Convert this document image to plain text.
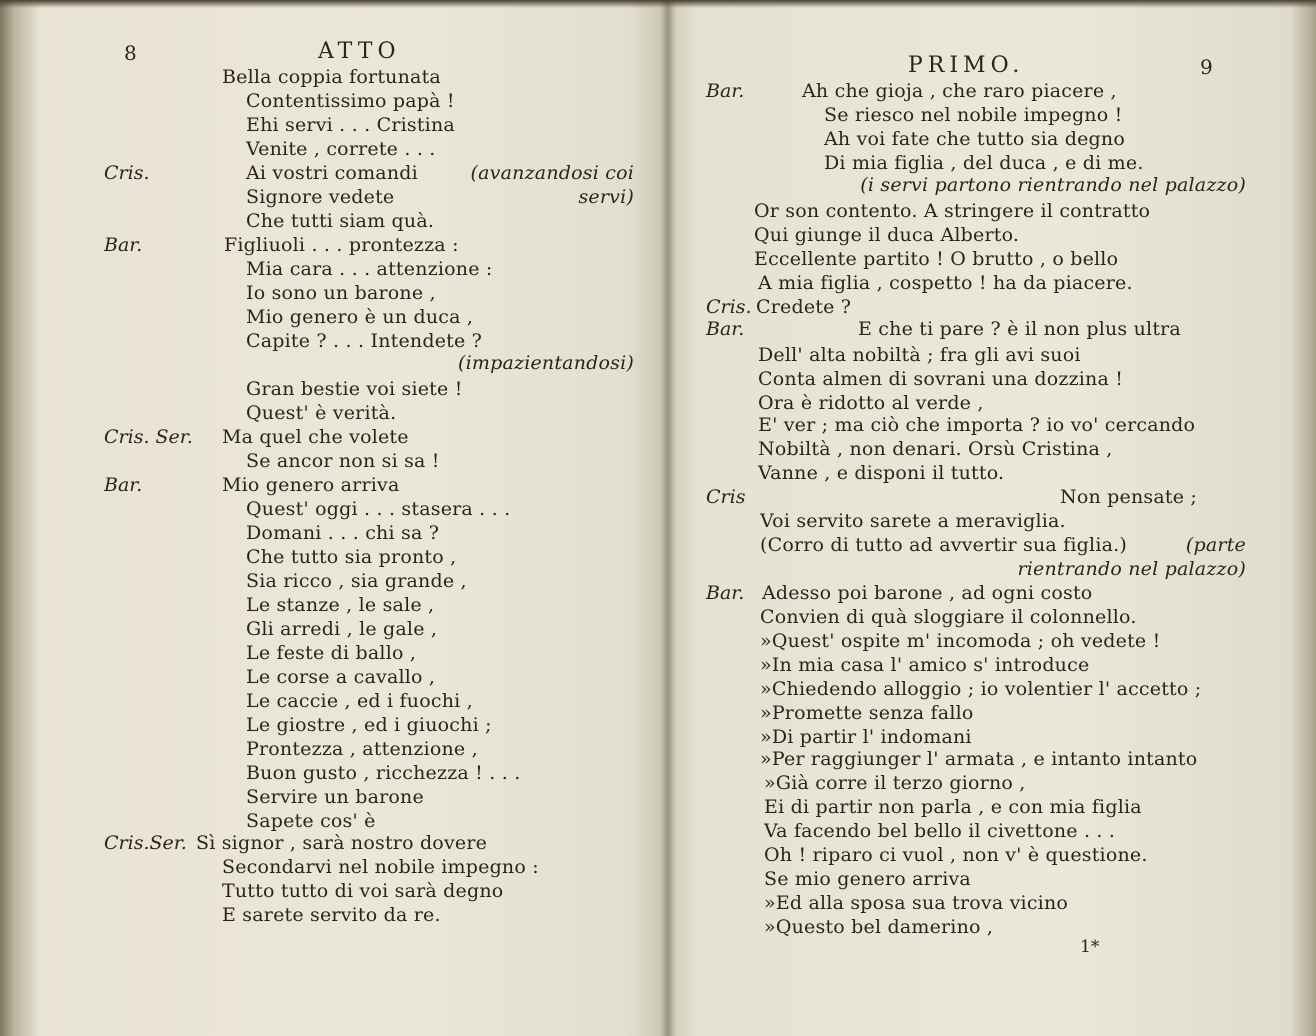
8	ATTO
Bella coppia fortunata
Contentissimo papà !
Ehi servi . . . Cristina
Venite , correte . . .
Cris.	Ai vostri comandi	(avanzandosi coi
Signore vedete	servi)
Che tutti siam quà.
Bar.	Figliuoli . . . prontezza :
Mia cara . . . attenzione :
Io sono un barone ,
Mio genero è un duca ,
Capite ? . . . Intendete ?
(impazientandosi)
Gran bestie voi siete !
Quest' è verità.
Cris. Ser. Ma quel che volete
Se ancor non si sa !
Bar.	Mio genero arriva
Quest' oggi . . . stasera . . .
Domani . . . chi sa ?
Che tutto sia pronto ,
Sia ricco , sia grande ,
Le stanze , le sale ,
Gli arredi , le gale ,
Le feste di ballo ,
Le corse a cavallo ,
Le caccie , ed i fuochi ,
Le giostre , ed i giuochi ;
Prontezza , attenzione ,
Buon gusto , ricchezza ! . . .
Servire un barone
Sapete cos' è
Cris.Ser. Sì signor , sarà nostro dovere
Secondarvi nel nobile impegno :
Tutto tutto di voi sarà degno
E sarete servito da re.
PRIMO.	9
Bar.	Ah che gioja , che raro piacere ,
Se riesco nel nobile impegno !
Ah voi fate che tutto sia degno
Di mia figlia , del duca , e di me.
(i servi partono rientrando nel palazzo)
Or son contento. A stringere il contratto
Qui giunge il duca Alberto.
Eccellente partito ! O brutto , o bello
A mia figlia , cospetto ! ha da piacere.
Cris. Credete ?
Bar.	E che ti pare ? è il non plus ultra
Dell' alta nobiltà ; fra gli avi suoi
Conta almen di sovrani una dozzina !
Ora è ridotto al verde ,
E' ver ; ma ciò che importa ? io vo' cercando
Nobiltà , non denari. Orsù Cristina ,
Vanne , e disponi il tutto.
Cris	Non pensate ;
Voi servito sarete a meraviglia.
(Corro di tutto ad avvertir sua figlia.)	(parte
rientrando nel palazzo)
Bar. Adesso poi barone , ad ogni costo
Convien di quà sloggiare il colonnello.
»Quest' ospite m' incomoda ; oh vedete !
»In mia casa l' amico s' introduce
»Chiedendo alloggio ; io volentier l' accetto ;
»Promette senza fallo
»Di partir l' indomani
»Per raggiunger l' armata , e intanto intanto
»Già corre il terzo giorno ,
Ei di partir non parla , e con mia figlia
Va facendo bel bello il civettone . . .
Oh ! riparo ci vuol , non v' è questione.
Se mio genero arriva
»Ed alla sposa sua trova vicino
»Questo bel damerino ,
1*
